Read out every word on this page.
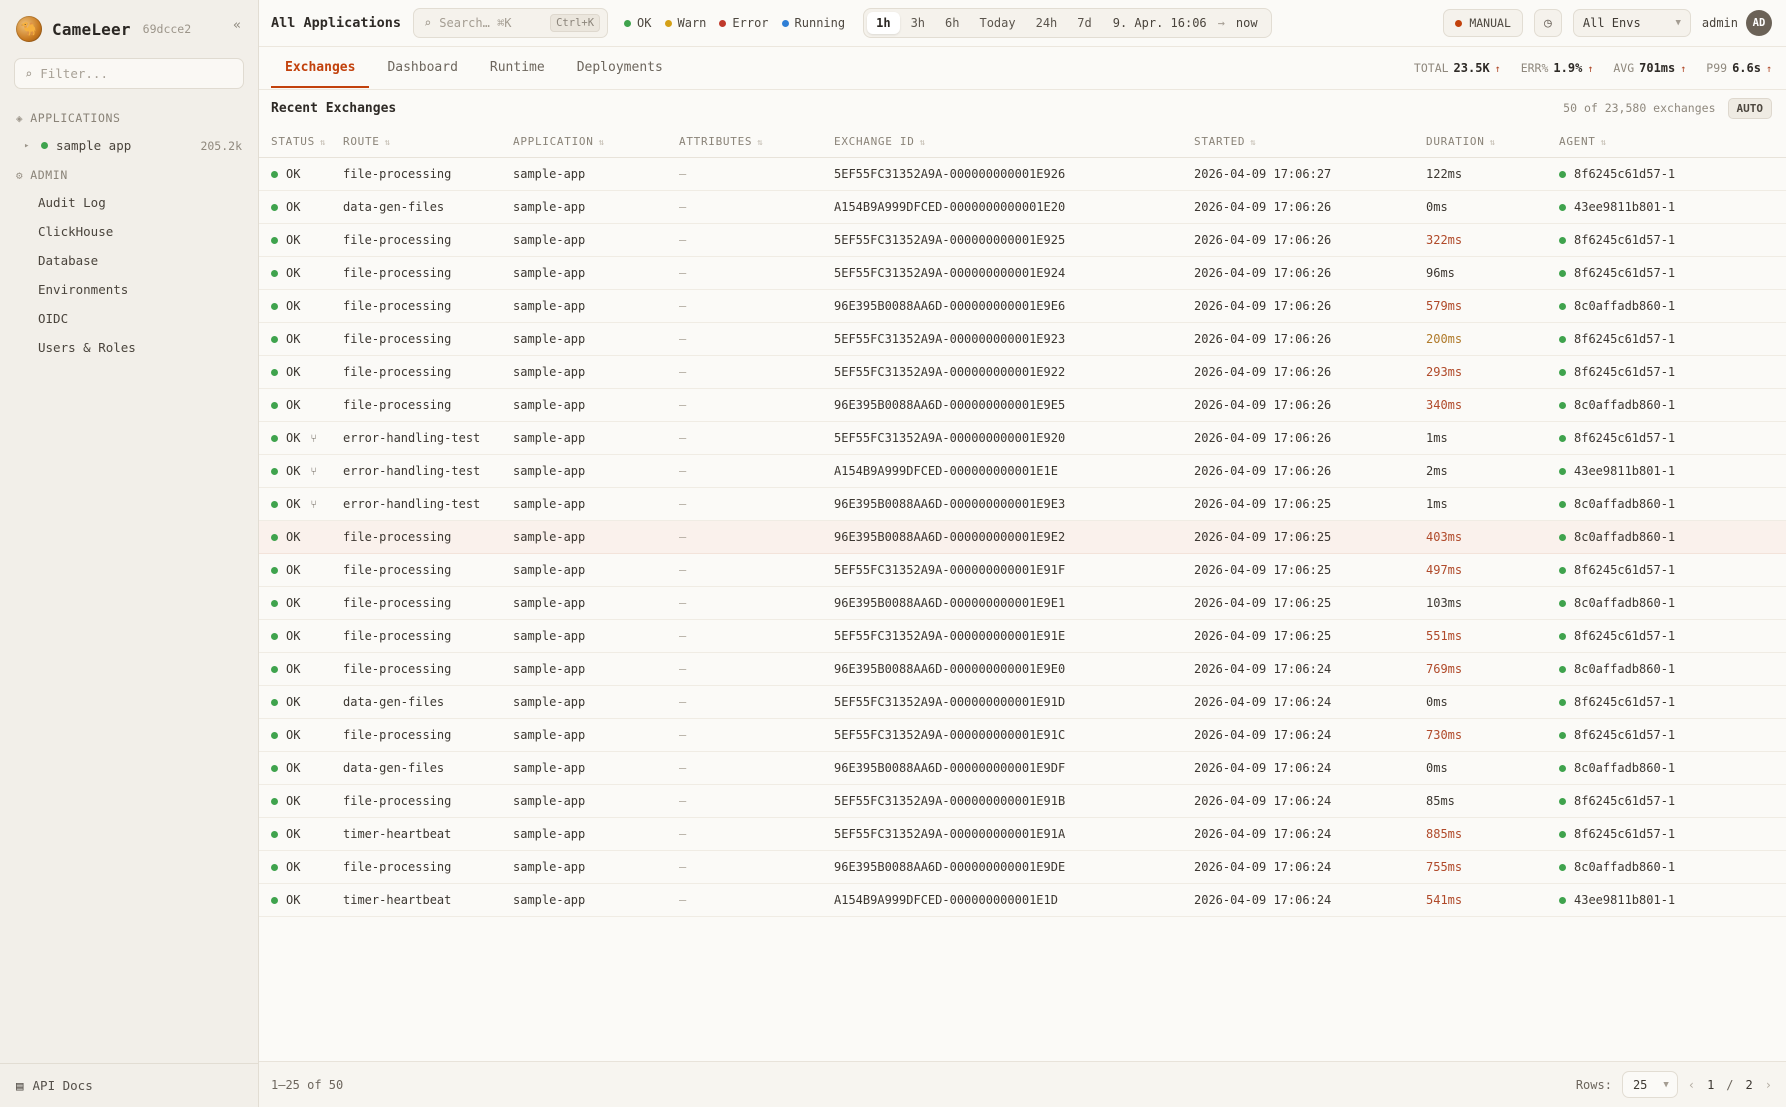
🐪 CameLeer 69dcce2	«
⌕
Filter...
◈ APPLICATIONS
▸ sample app	205.2k
⚙ ADMIN
Audit Log
ClickHouse
Database
Environments
OIDC
Users & Roles
▤ API Docs
All Applications ⌕ Search… ⌘K	Ctrl+K	OK Warn Error Running	1h	3h	6h	Today	24h	7d	9. Apr. 16:06 → now	MANUAL	◷	All Envs	▼ admin	AD
Exchanges	Dashboard	Runtime	Deployments	TOTAL 23.5K ↑ ERR% 1.9% ↑ AVG 701ms ↑ P99 6.6s ↑
Recent Exchanges	50 of 23,580 exchanges	AUTO
STATUS ⇅	ROUTE ⇅	APPLICATION ⇅	ATTRIBUTES ⇅	EXCHANGE ID ⇅	STARTED ⇅	DURATION ⇅	AGENT ⇅

OK	file-processing	sample-app	—	5EF55FC31352A9A-000000000001E926	2026-04-09 17:06:27	122ms	8f6245c61d57-1

OK	data-gen-files	sample-app	—	A154B9A999DFCED-0000000000001E20	2026-04-09 17:06:26	0ms	43ee9811b801-1

OK	file-processing	sample-app	—	5EF55FC31352A9A-000000000001E925	2026-04-09 17:06:26	322ms	8f6245c61d57-1

OK	file-processing	sample-app	—	5EF55FC31352A9A-000000000001E924	2026-04-09 17:06:26	96ms	8f6245c61d57-1

OK	file-processing	sample-app	—	96E395B0088AA6D-000000000001E9E6	2026-04-09 17:06:26	579ms	8c0affadb860-1

OK	file-processing	sample-app	—	5EF55FC31352A9A-000000000001E923	2026-04-09 17:06:26	200ms	8f6245c61d57-1

OK	file-processing	sample-app	—	5EF55FC31352A9A-000000000001E922	2026-04-09 17:06:26	293ms	8f6245c61d57-1

OK	file-processing	sample-app	—	96E395B0088AA6D-000000000001E9E5	2026-04-09 17:06:26	340ms	8c0affadb860-1

OK ⑂	error-handling-test	sample-app	—	5EF55FC31352A9A-000000000001E920	2026-04-09 17:06:26	1ms	8f6245c61d57-1

OK ⑂	error-handling-test	sample-app	—	A154B9A999DFCED-000000000001E1E	2026-04-09 17:06:26	2ms	43ee9811b801-1

OK ⑂	error-handling-test	sample-app	—	96E395B0088AA6D-000000000001E9E3	2026-04-09 17:06:25	1ms	8c0affadb860-1

OK	file-processing	sample-app	—	96E395B0088AA6D-000000000001E9E2	2026-04-09 17:06:25	403ms	8c0affadb860-1

OK	file-processing	sample-app	—	5EF55FC31352A9A-000000000001E91F	2026-04-09 17:06:25	497ms	8f6245c61d57-1

OK	file-processing	sample-app	—	96E395B0088AA6D-000000000001E9E1	2026-04-09 17:06:25	103ms	8c0affadb860-1

OK	file-processing	sample-app	—	5EF55FC31352A9A-000000000001E91E	2026-04-09 17:06:25	551ms	8f6245c61d57-1

OK	file-processing	sample-app	—	96E395B0088AA6D-000000000001E9E0	2026-04-09 17:06:24	769ms	8c0affadb860-1

OK	data-gen-files	sample-app	—	5EF55FC31352A9A-000000000001E91D	2026-04-09 17:06:24	0ms	8f6245c61d57-1

OK	file-processing	sample-app	—	5EF55FC31352A9A-000000000001E91C	2026-04-09 17:06:24	730ms	8f6245c61d57-1

OK	data-gen-files	sample-app	—	96E395B0088AA6D-000000000001E9DF	2026-04-09 17:06:24	0ms	8c0affadb860-1

OK	file-processing	sample-app	—	5EF55FC31352A9A-000000000001E91B	2026-04-09 17:06:24	85ms	8f6245c61d57-1

OK	timer-heartbeat	sample-app	—	5EF55FC31352A9A-000000000001E91A	2026-04-09 17:06:24	885ms	8f6245c61d57-1

OK	file-processing	sample-app	—	96E395B0088AA6D-000000000001E9DE	2026-04-09 17:06:24	755ms	8c0affadb860-1

OK	timer-heartbeat	sample-app	—	A154B9A999DFCED-000000000001E1D	2026-04-09 17:06:24	541ms	43ee9811b801-1
1–25 of 50	Rows: 25 ▼ ‹ 1 / 2 ›
